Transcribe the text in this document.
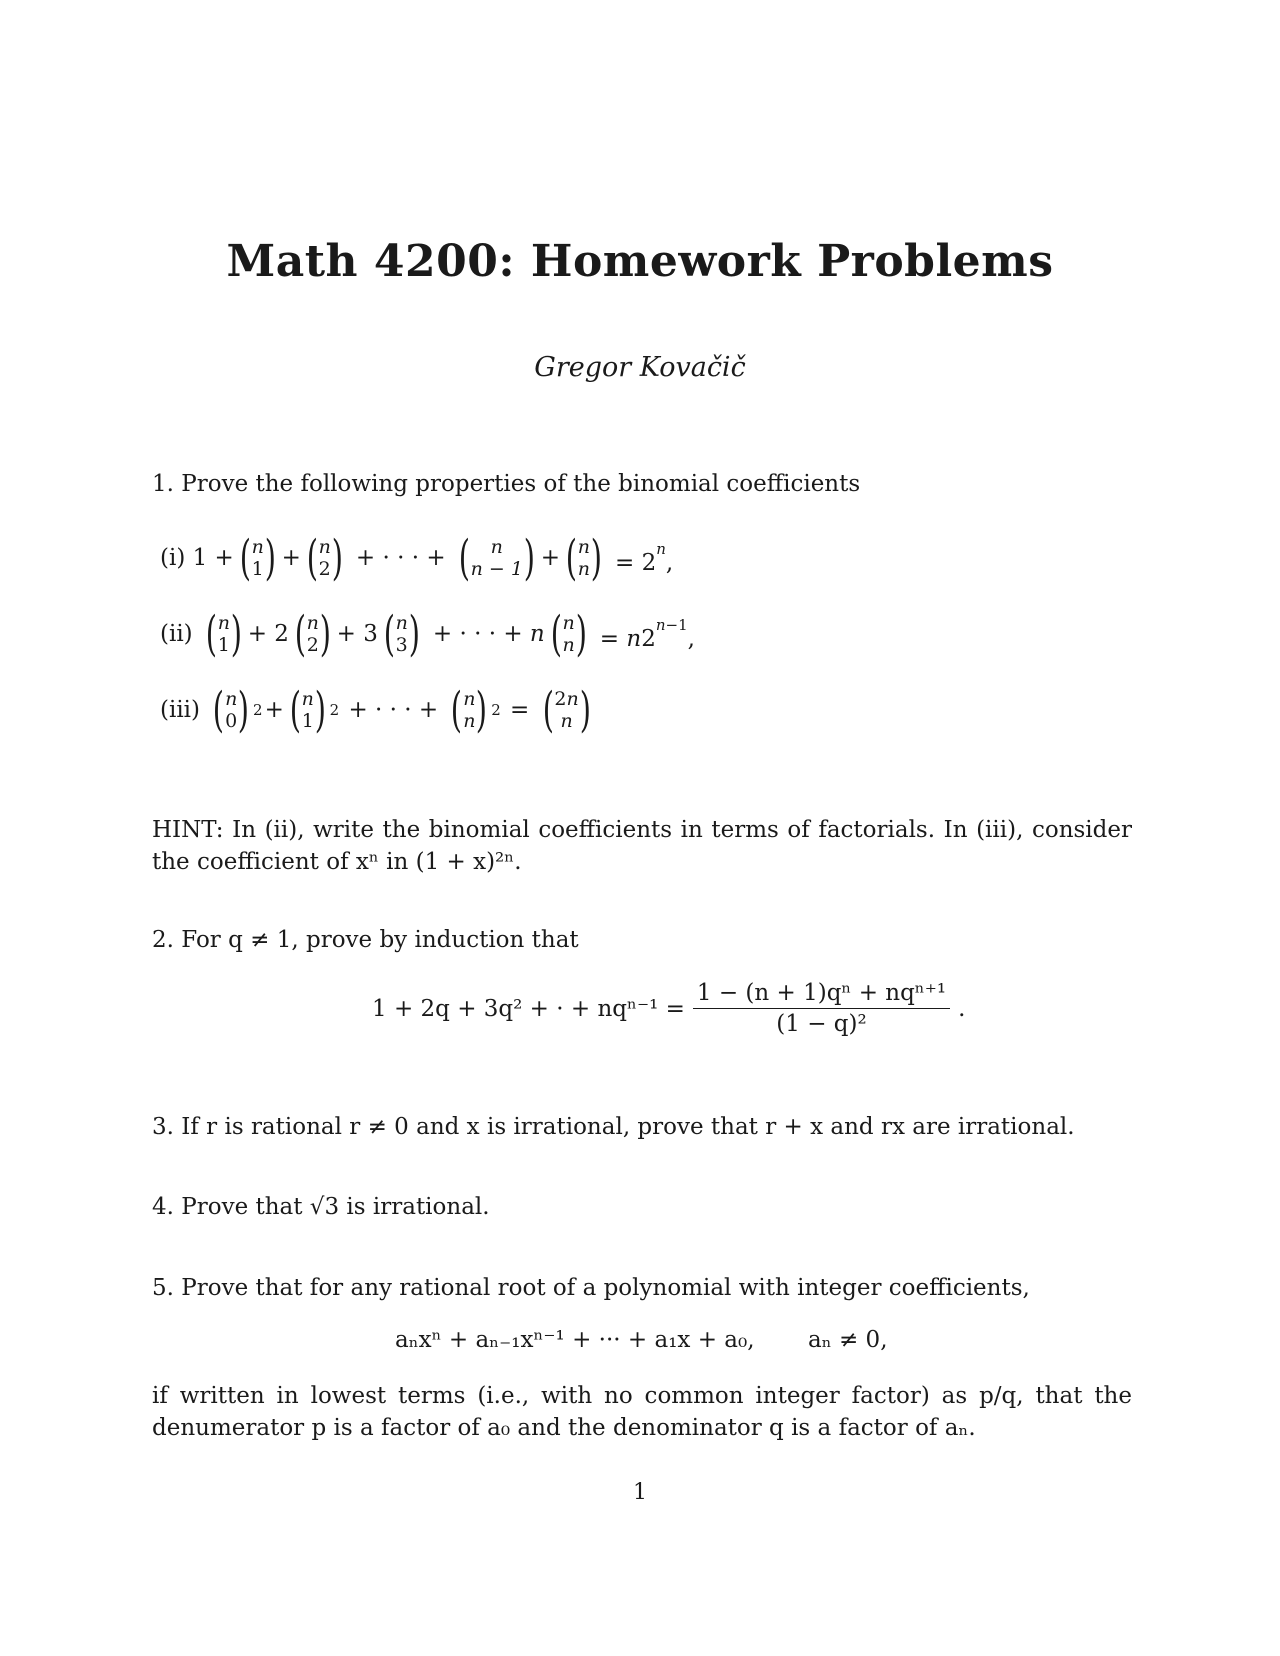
Math 4200: Homework Problems
Gregor Kovačič
1. Prove the following properties of the binomial coefficients
(i) 1 + ( n
1 ) + ( n
2 ) + · · · + ( n
n − 1 ) + ( n
n ) = $2^n$,
(ii) ( n
1 ) + 2 ( n
2 ) + 3 ( n
3 ) + · · · + n ( n
n ) = $n2^{n-1}$,
(iii) ( n
0 ) 2 + ( n
1 ) 2 + · · · + ( n
n ) 2 = ( 2n
n )
HINT: In (ii), write the binomial coefficients in terms of factorials. In (iii), consider the coefficient of xⁿ in (1 + x)²ⁿ.
2. For q ≠ 1, prove by induction that
1 + 2q + 3q² + · + $nq^{n-1} = \frac{\text{1 − (n + 1)qⁿ + nqⁿ⁺¹}}{\text{(1 − q)²}}$ .
3. If r is rational r ≠ 0 and x is irrational, prove that r + x and rx are irrational.
4. Prove that √3 is irrational.
5. Prove that for any rational root of a polynomial with integer coefficients,
aₙxⁿ + aₙ₋₁xⁿ⁻¹ + ··· + a₁x + a₀, aₙ ≠ 0,
if written in lowest terms (i.e., with no common integer factor) as p/q, that the denumerator p is a factor of a₀ and the denominator q is a factor of aₙ.
1
